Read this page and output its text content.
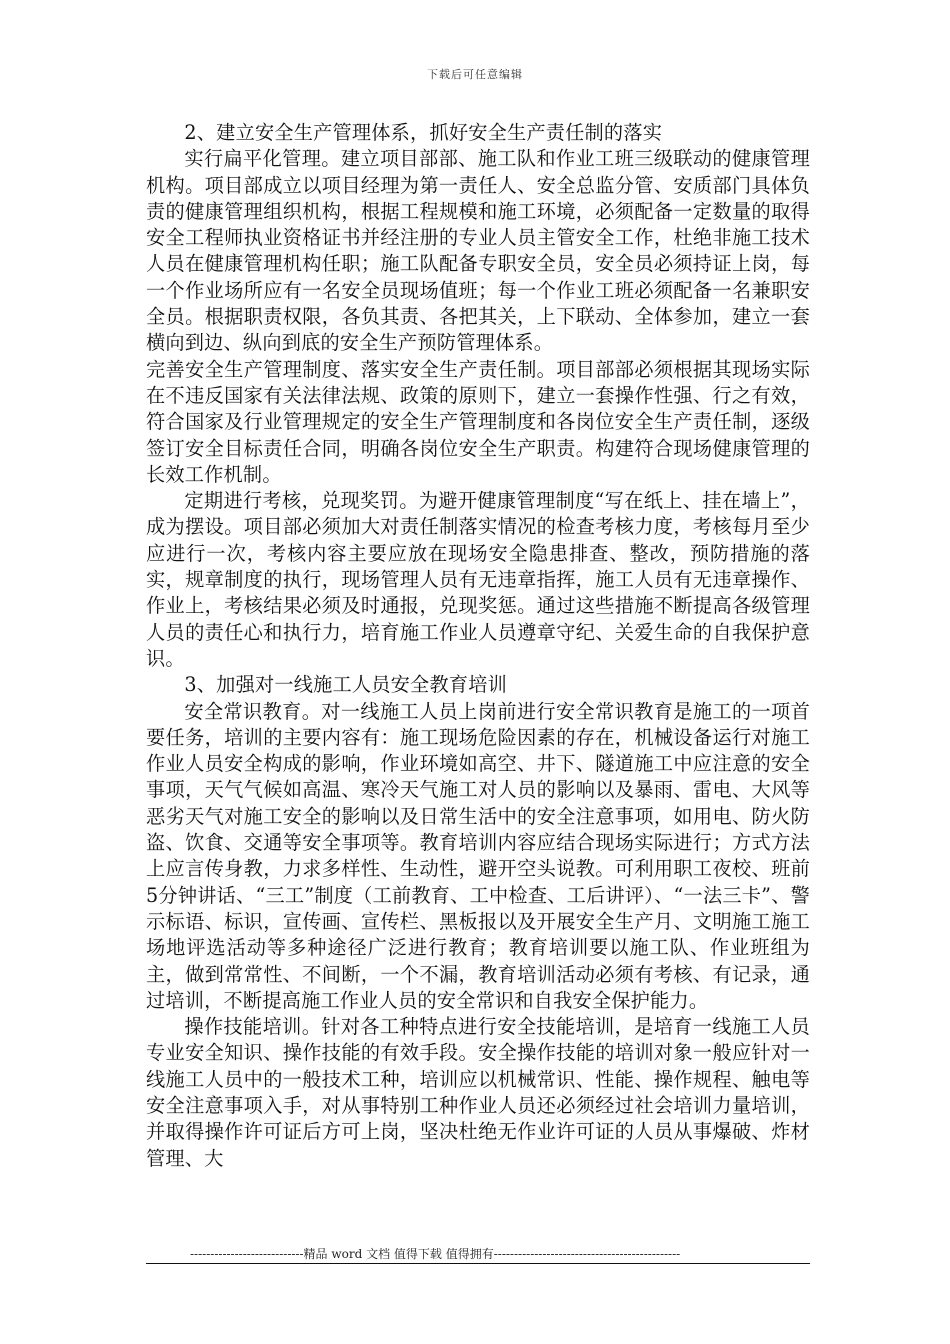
下载后可任意编辑

2、建立安全生产管理体系，抓好安全生产责任制的落实

实行扁平化管理。建立项目部部、施工队和作业工班三级联动的健康管理机构。项目部成立以项目经理为第一责任人、安全总监分管、安质部门具体负责的健康管理组织机构，根据工程规模和施工环境，必须配备一定数量的取得安全工程师执业资格证书并经注册的专业人员主管安全工作，杜绝非施工技术人员在健康管理机构任职；施工队配备专职安全员，安全员必须持证上岗，每一个作业场所应有一名安全员现场值班；每一个作业工班必须配备一名兼职安全员。根据职责权限，各负其责、各把其关，上下联动、全体参加，建立一套横向到边、纵向到底的安全生产预防管理体系。

完善安全生产管理制度、落实安全生产责任制。项目部部必须根据其现场实际在不违反国家有关法律法规、政策的原则下，建立一套操作性强、行之有效，符合国家及行业管理规定的安全生产管理制度和各岗位安全生产责任制，逐级签订安全目标责任合同，明确各岗位安全生产职责。构建符合现场健康管理的长效工作机制。

定期进行考核，兑现奖罚。为避开健康管理制度“写在纸上、挂在墙上”，成为摆设。项目部必须加大对责任制落实情况的检查考核力度，考核每月至少应进行一次，考核内容主要应放在现场安全隐患排查、整改，预防措施的落实，规章制度的执行，现场管理人员有无违章指挥，施工人员有无违章操作、作业上，考核结果必须及时通报，兑现奖惩。通过这些措施不断提高各级管理人员的责任心和执行力，培育施工作业人员遵章守纪、关爱生命的自我保护意识。

3、加强对一线施工人员安全教育培训

安全常识教育。对一线施工人员上岗前进行安全常识教育是施工的一项首要任务，培训的主要内容有：施工现场危险因素的存在，机械设备运行对施工作业人员安全构成的影响，作业环境如高空、井下、隧道施工中应注意的安全事项，天气气候如高温、寒冷天气施工对人员的影响以及暴雨、雷电、大风等恶劣天气对施工安全的影响以及日常生活中的安全注意事项，如用电、防火防盗、饮食、交通等安全事项等。教育培训内容应结合现场实际进行；方式方法上应言传身教，力求多样性、生动性，避开空头说教。可利用职工夜校、班前5分钟讲话、“三工”制度（工前教育、工中检查、工后讲评）、“一法三卡”、警示标语、标识，宣传画、宣传栏、黑板报以及开展安全生产月、文明施工施工场地评选活动等多种途径广泛进行教育；教育培训要以施工队、作业班组为主，做到常常性、不间断，一个不漏，教育培训活动必须有考核、有记录，通过培训，不断提高施工作业人员的安全常识和自我安全保护能力。

操作技能培训。针对各工种特点进行安全技能培训，是培育一线施工人员专业安全知识、操作技能的有效手段。安全操作技能的培训对象一般应针对一线施工人员中的一般技术工种，培训应以机械常识、性能、操作规程、触电等安全注意事项入手，对从事特别工种作业人员还必须经过社会培训力量培训，并取得操作许可证后方可上岗，坚决杜绝无作业许可证的人员从事爆破、炸材管理、大

----------------------------精品 word 文档 值得下载 值得拥有----------------------------------------------
